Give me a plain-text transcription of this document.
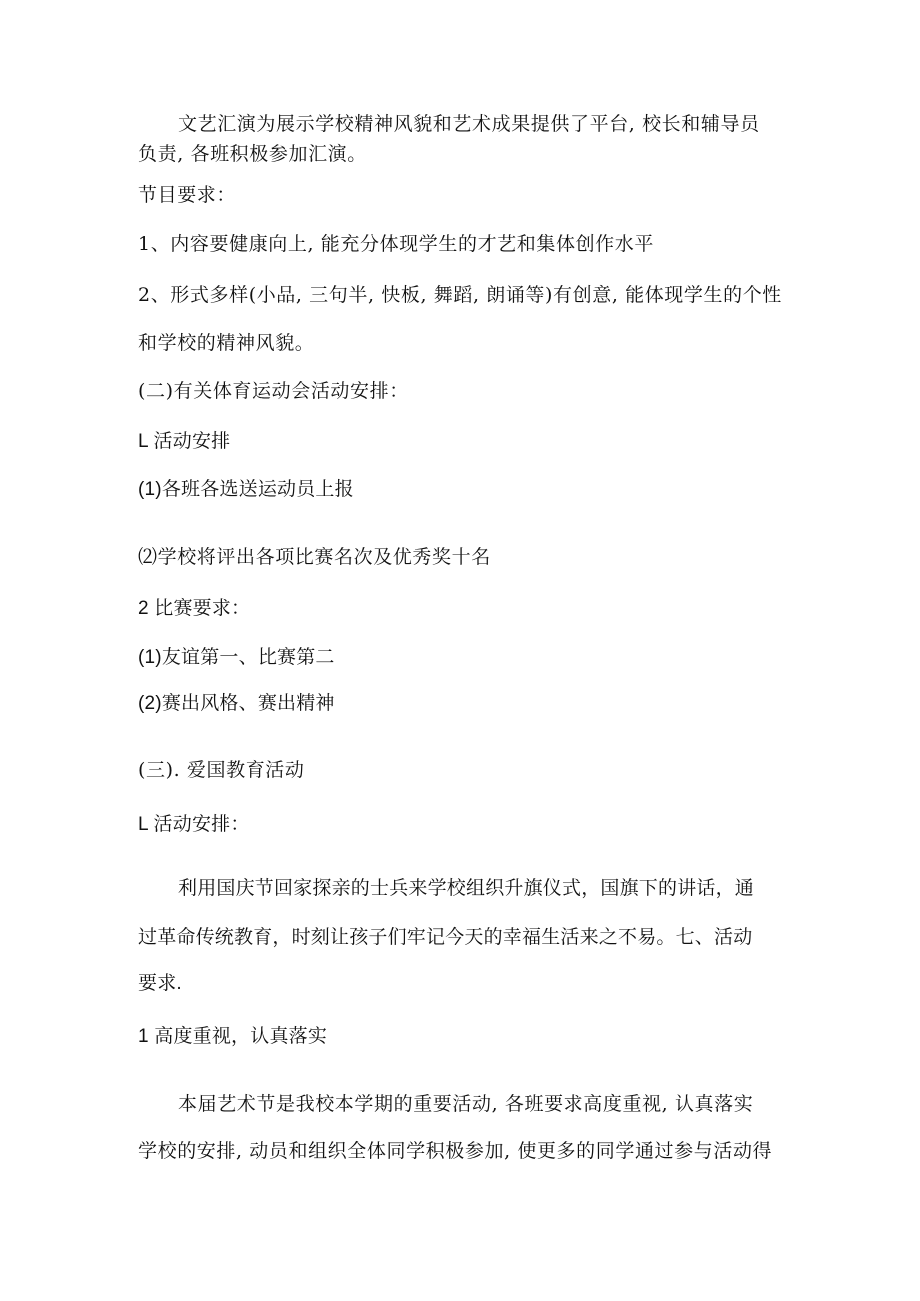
文艺汇演为展示学校精神风貌和艺术成果提供了平台, 校长和辅导员
负责, 各班积极参加汇演。
节目要求：
1、内容要健康向上, 能充分体现学生的才艺和集体创作水平
2、形式多样(小品, 三句半, 快板, 舞蹈, 朗诵等)有创意, 能体现学生的个性
和学校的精神风貌。
(二)有关体育运动会活动安排：
L 活动安排
(1)各班各选送运动员上报
⑵学校将评出各项比赛名次及优秀奖十名
2 比赛要求：
(1)友谊第一、比赛第二
(2)赛出风格、赛出精神
(三). 爱国教育活动
L 活动安排：
利用国庆节回家探亲的士兵来学校组织升旗仪式，国旗下的讲话，通
过革命传统教育，时刻让孩子们牢记今天的幸福生活来之不易。七、活动
要求.
1 高度重视，认真落实
本届艺术节是我校本学期的重要活动, 各班要求高度重视, 认真落实
学校的安排, 动员和组织全体同学积极参加, 使更多的同学通过参与活动得
